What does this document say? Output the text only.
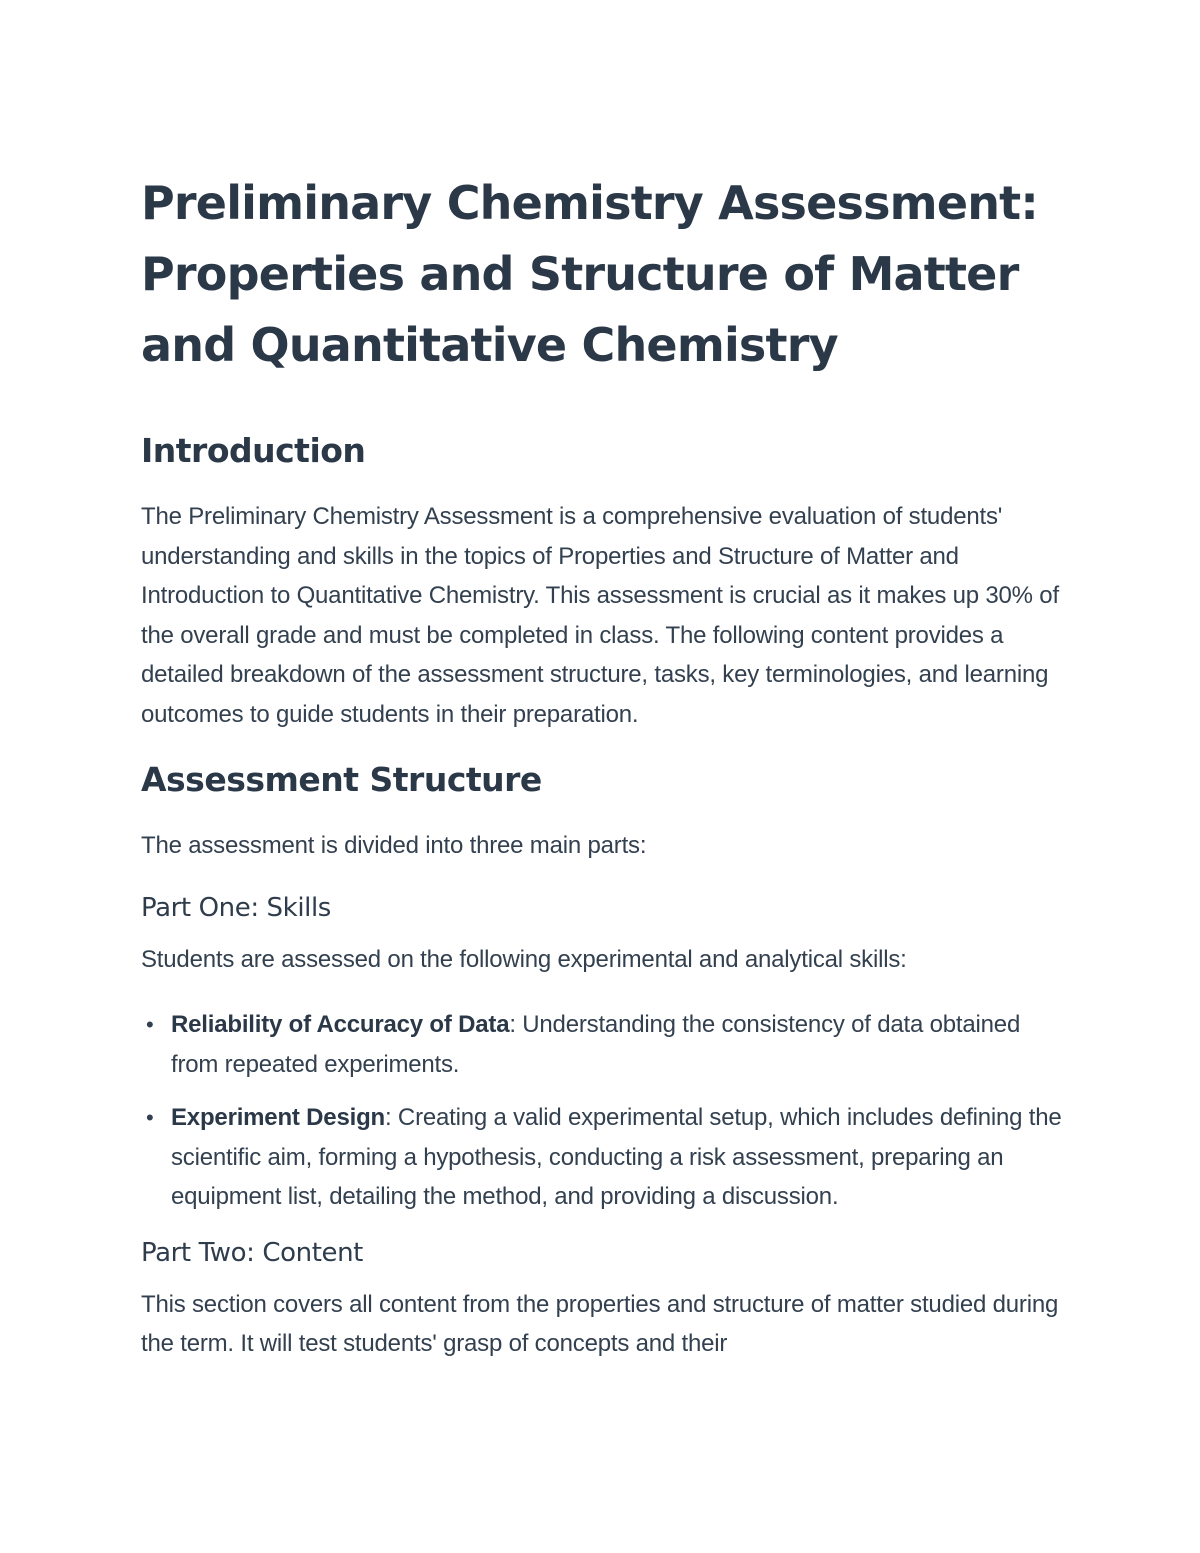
Preliminary Chemistry Assessment: Properties and Structure of Matter and Quantitative Chemistry
Introduction

The Preliminary Chemistry Assessment is a comprehensive evaluation of students' understanding and skills in the topics of Properties and Structure of Matter and Introduction to Quantitative Chemistry. This assessment is crucial as it makes up 30% of the overall grade and must be completed in class. The following content provides a detailed breakdown of the assessment structure, tasks, key terminologies, and learning outcomes to guide students in their preparation.

Assessment Structure

The assessment is divided into three main parts:

Part One: Skills

Students are assessed on the following experimental and analytical skills:

• Reliability of Accuracy of Data: Understanding the consistency of data obtained from repeated experiments.
• Experiment Design: Creating a valid experimental setup, which includes defining the scientific aim, forming a hypothesis, conducting a risk assessment, preparing an equipment list, detailing the method, and providing a discussion.
Part Two: Content

This section covers all content from the properties and structure of matter studied during the term. It will test students' grasp of concepts and their
